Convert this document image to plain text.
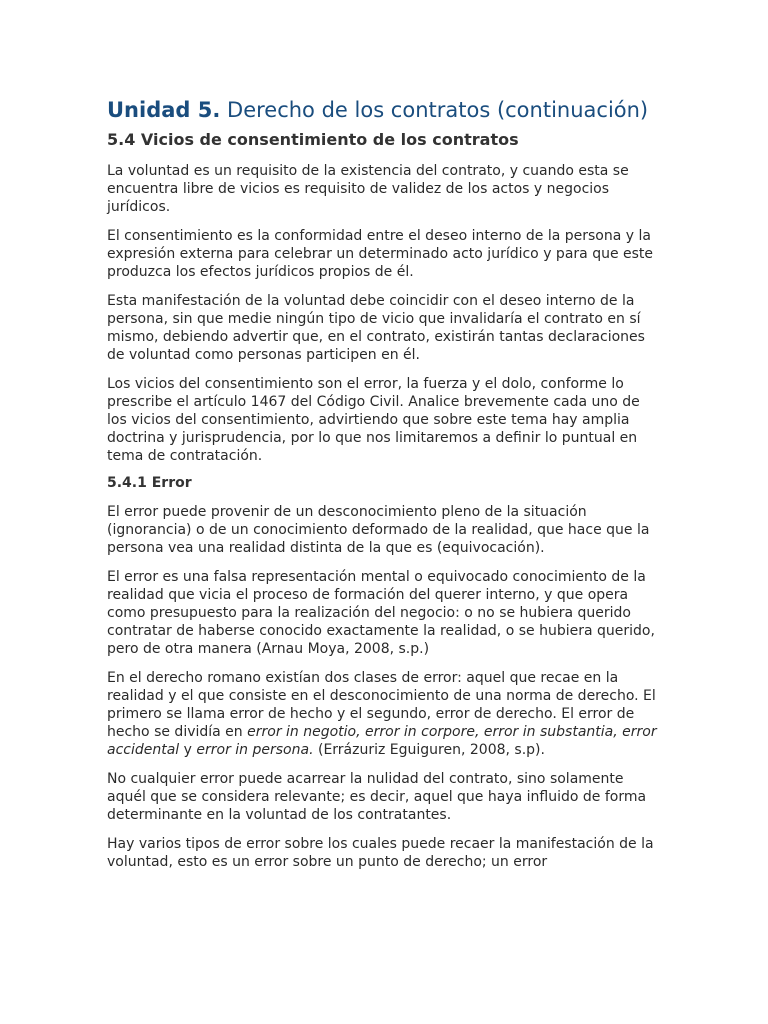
Unidad 5. Derecho de los contratos (continuación)
5.4 Vicios de consentimiento de los contratos

La voluntad es un requisito de la existencia del contrato, y cuando esta se encuentra libre de vicios es requisito de validez de los actos y negocios jurídicos.

El consentimiento es la conformidad entre el deseo interno de la persona y la expresión externa para celebrar un determinado acto jurídico y para que este produzca los efectos jurídicos propios de él.

Esta manifestación de la voluntad debe coincidir con el deseo interno de la persona, sin que medie ningún tipo de vicio que invalidaría el contrato en sí mismo, debiendo advertir que, en el contrato, existirán tantas declaraciones de voluntad como personas participen en él.

Los vicios del consentimiento son el error, la fuerza y el dolo, conforme lo prescribe el artículo 1467 del Código Civil. Analice brevemente cada uno de los vicios del consentimiento, advirtiendo que sobre este tema hay amplia doctrina y jurisprudencia, por lo que nos limitaremos a definir lo puntual en tema de contratación.

5.4.1 Error

El error puede provenir de un desconocimiento pleno de la situación (ignorancia) o de un conocimiento deformado de la realidad, que hace que la persona vea una realidad distinta de la que es (equivocación).

El error es una falsa representación mental o equivocado conocimiento de la realidad que vicia el proceso de formación del querer interno, y que opera como presupuesto para la realización del negocio: o no se hubiera querido contratar de haberse conocido exactamente la realidad, o se hubiera querido, pero de otra manera (Arnau Moya, 2008, s.p.)

En el derecho romano existían dos clases de error: aquel que recae en la realidad y el que consiste en el desconocimiento de una norma de derecho. El primero se llama error de hecho y el segundo, error de derecho. El error de hecho se dividía en error in negotio, error in corpore, error in substantia, error accidental y error in persona. (Errázuriz Eguiguren, 2008, s.p).

No cualquier error puede acarrear la nulidad del contrato, sino solamente aquél que se considera relevante; es decir, aquel que haya influido de forma determinante en la voluntad de los contratantes.

Hay varios tipos de error sobre los cuales puede recaer la manifestación de la voluntad, esto es un error sobre un punto de derecho; un error
